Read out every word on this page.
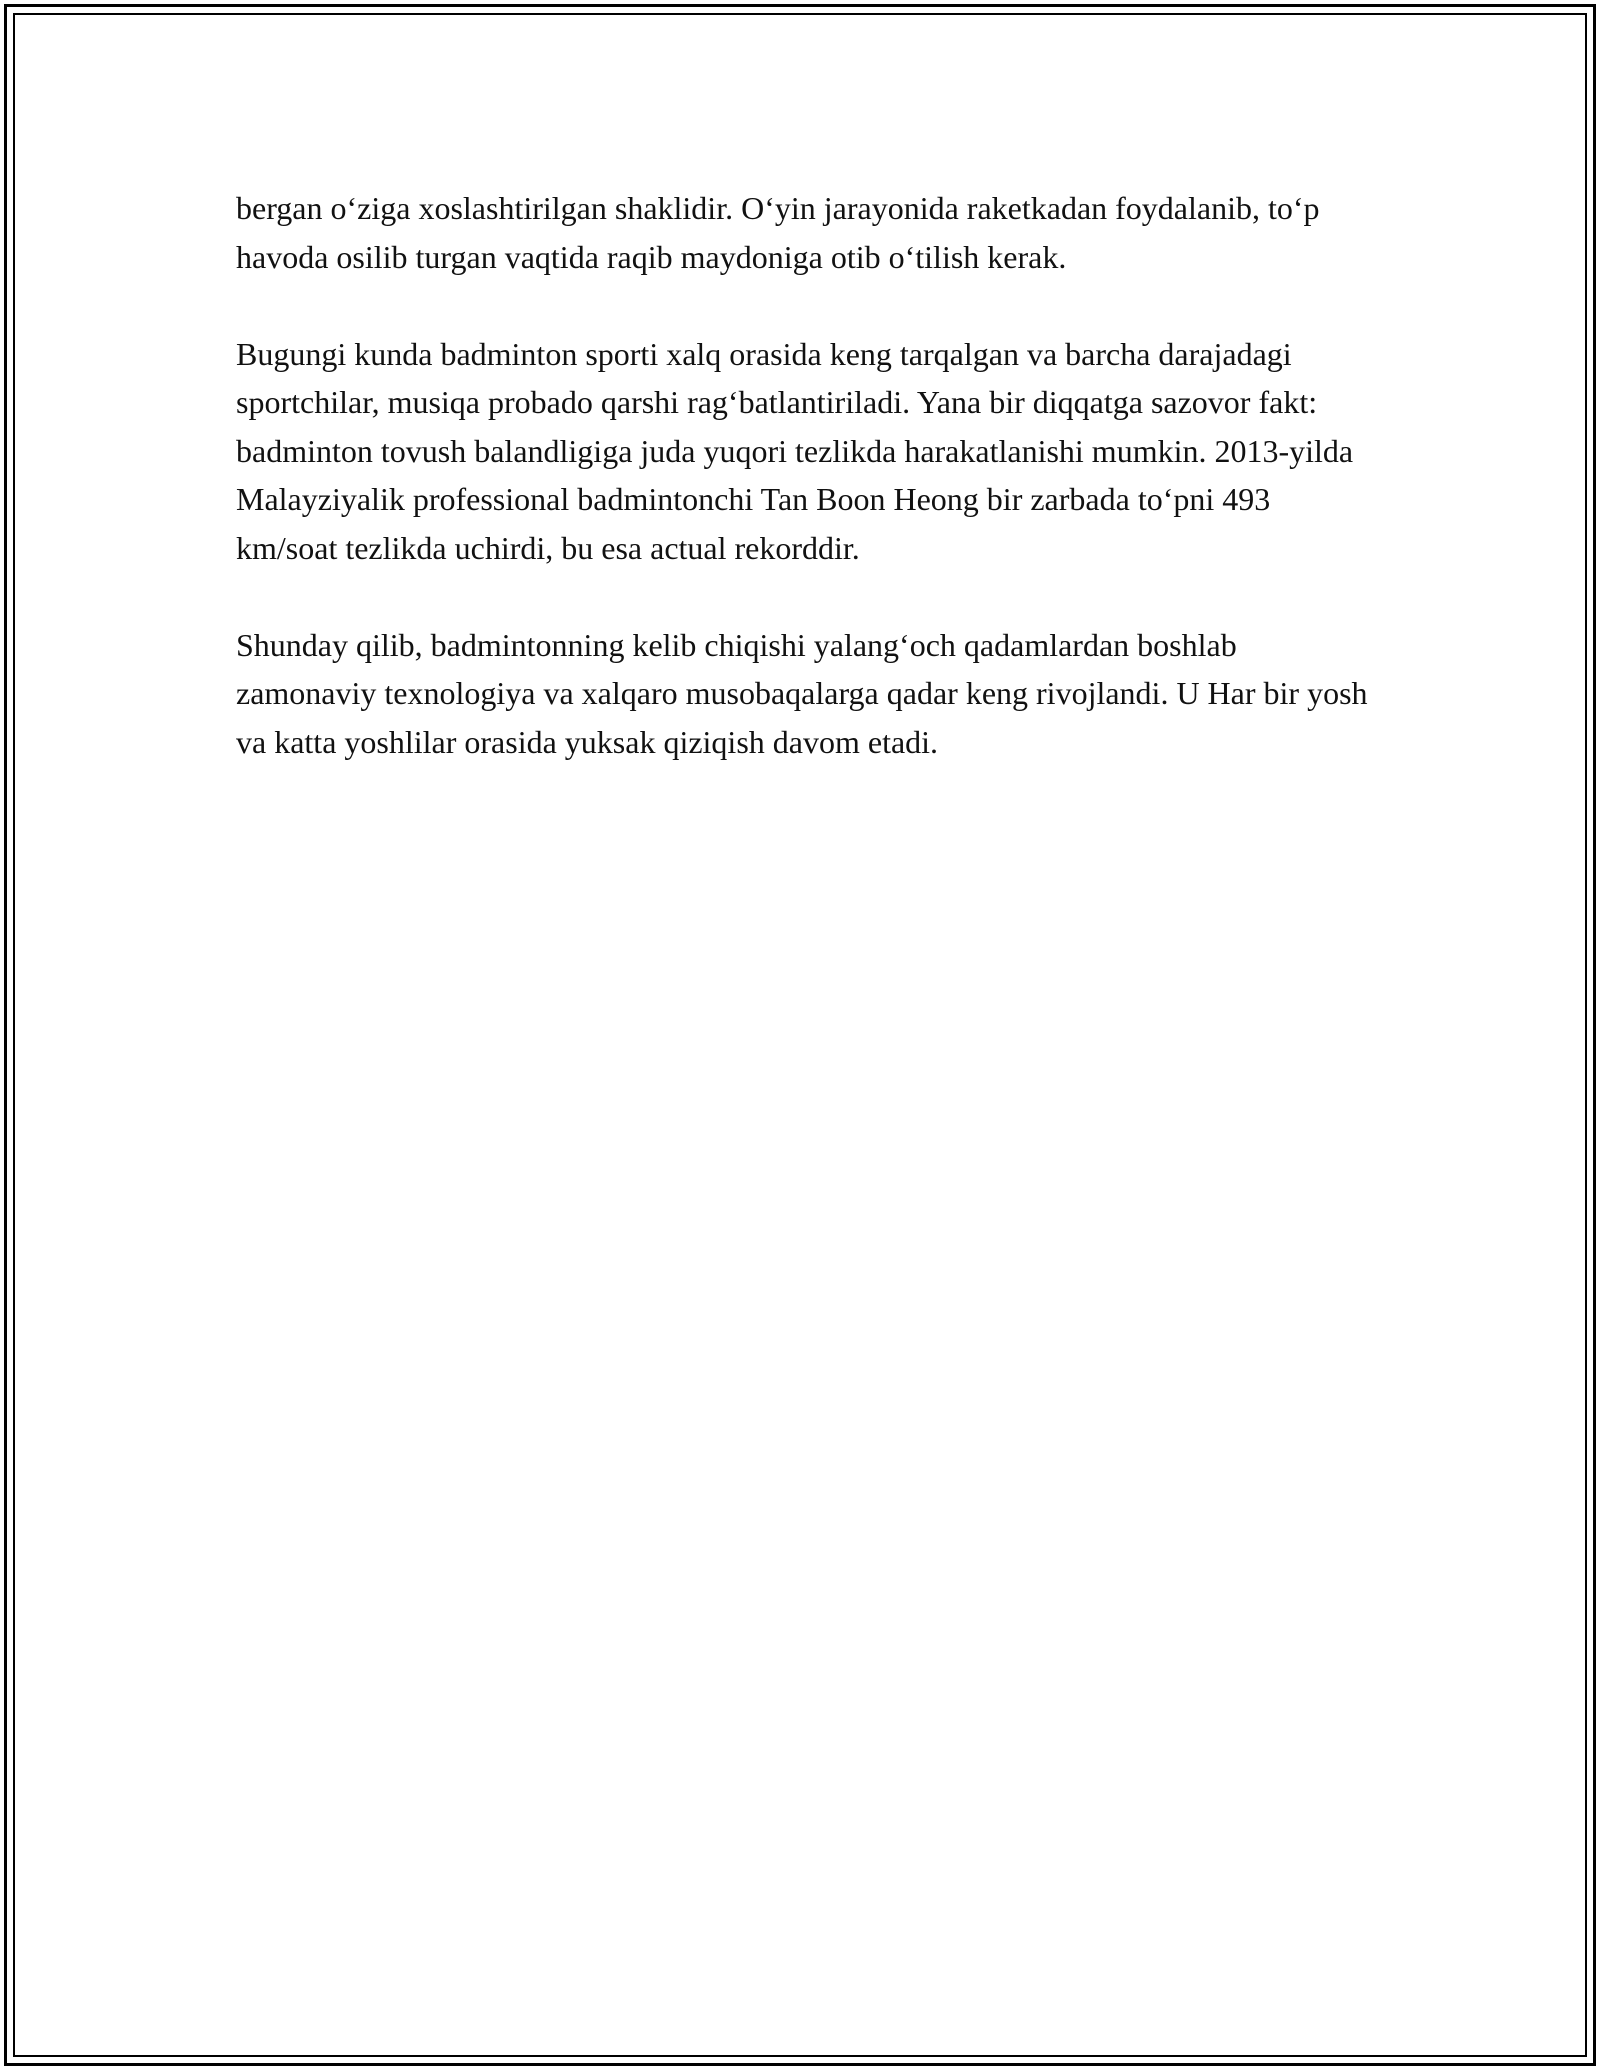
bergan o‘ziga xoslashtirilgan shaklidir. O‘yin jarayonida raketkadan foydalanib, to‘p havoda osilib turgan vaqtida raqib maydoniga otib o‘tilish kerak.

Bugungi kunda badminton sporti xalq orasida keng tarqalgan va barcha darajadagi sportchilar, musiqa probado qarshi rag‘batlantiriladi. Yana bir diqqatga sazovor fakt: badminton tovush balandligiga juda yuqori tezlikda harakatlanishi mumkin. 2013-yilda Malayziyalik professional badmintonchi Tan Boon Heong bir zarbada to‘pni 493 km/soat tezlikda uchirdi, bu esa actual rekorddir.

Shunday qilib, badmintonning kelib chiqishi yalang‘och qadamlardan boshlab zamonaviy texnologiya va xalqaro musobaqalarga qadar keng rivojlandi. U Har bir yosh va katta yoshlilar orasida yuksak qiziqish davom etadi.
